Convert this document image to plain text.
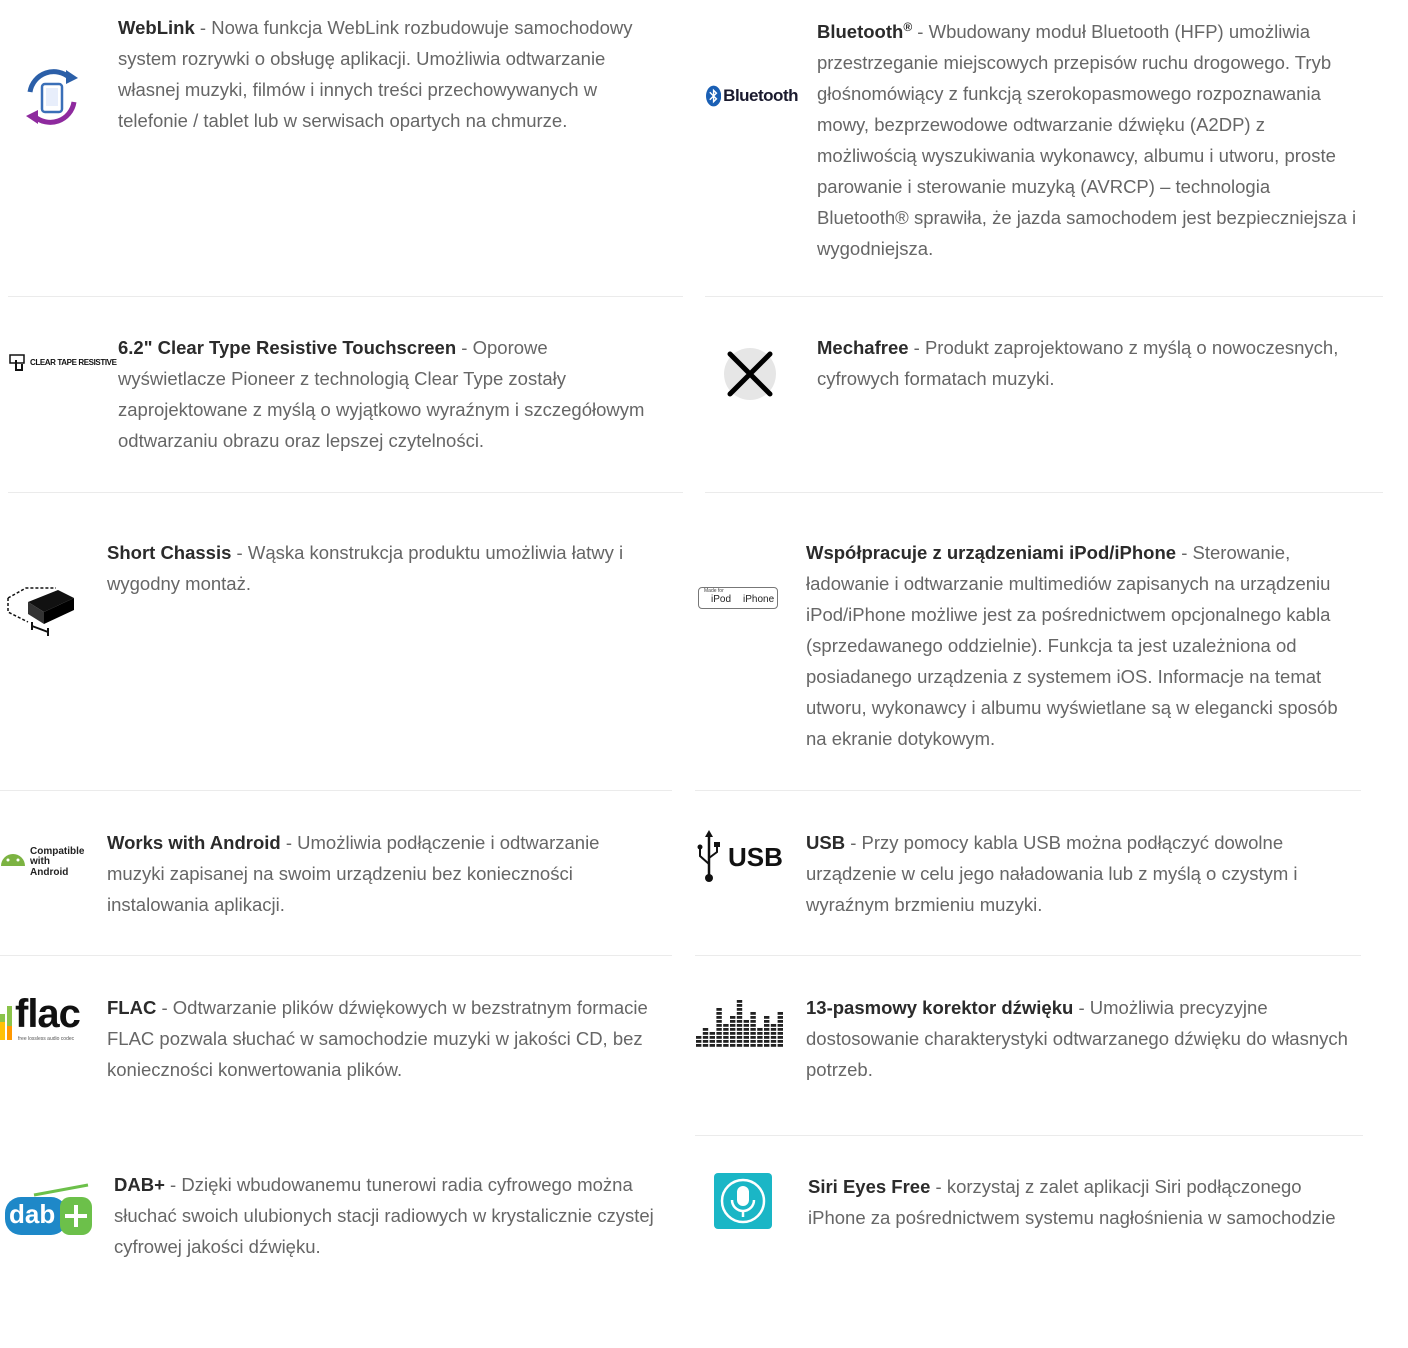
WebLink - Nowa funkcja WebLink rozbudowuje samochodowy system rozrywki o obsługę aplikacji. Umożliwia odtwarzanie własnej muzyki, filmów i innych treści przechowywanych w telefonie / tablet lub w serwisach opartych na chmurze.

Bluetooth

Bluetooth® - Wbudowany moduł Bluetooth (HFP) umożliwia przestrzeganie miejscowych przepisów ruchu drogowego. Tryb głośnomówiący z funkcją szerokopasmowego rozpoznawania mowy, bezprzewodowe odtwarzanie dźwięku (A2DP) z możliwością wyszukiwania wykonawcy, albumu i utworu, proste parowanie i sterowanie muzyką (AVRCP) – technologia Bluetooth® sprawiła, że jazda samochodem jest bezpieczniejsza i wygodniejsza.

CLEAR TAPE RESISTIVE

6.2" Clear Type Resistive Touchscreen - Oporowe wyświetlacze Pioneer z technologią Clear Type zostały zaprojektowane z myślą o wyjątkowo wyraźnym i szczegółowym odtwarzaniu obrazu oraz lepszej czytelności.

Mechafree - Produkt zaprojektowano z myślą o nowoczesnych, cyfrowych formatach muzyki.

Short Chassis - Wąska konstrukcja produktu umożliwia łatwy i wygodny montaż.	Made for
iPod iPhone

Współpracuje z urządzeniami iPod/iPhone - Sterowanie, ładowanie i odtwarzanie multimediów zapisanych na urządzeniu iPod/iPhone możliwe jest za pośrednictwem opcjonalnego kabla (sprzedawanego oddzielnie). Funkcja ta jest uzależniona od posiadanego urządzenia z systemem iOS. Informacje na temat utworu, wykonawcy i albumu wyświetlane są w elegancki sposób na ekranie dotykowym.

Compatible
with Android

Works with Android - Umożliwia podłączenie i odtwarzanie muzyki zapisanej na swoim urządzeniu bez konieczności instalowania aplikacji.

USB USB - Przy pomocy kabla USB można podłączyć dowolne urządzenie w celu jego naładowania lub z myślą o czystym i wyraźnym brzmieniu muzyki.

flac
free lossless audio codec

FLAC - Odtwarzanie plików dźwiękowych w bezstratnym formacie FLAC pozwala słuchać w samochodzie muzyki w jakości CD, bez konieczności konwertowania plików.

13-pasmowy korektor dźwięku - Umożliwia precyzyjne dostosowanie charakterystyki odtwarzanego dźwięku do własnych potrzeb.

dab

DAB+ - Dzięki wbudowanemu tunerowi radia cyfrowego można słuchać swoich ulubionych stacji radiowych w krystalicznie czystej cyfrowej jakości dźwięku.

Siri Eyes Free - korzystaj z zalet aplikacji Siri podłączonego iPhone za pośrednictwem systemu nagłośnienia w samochodzie
